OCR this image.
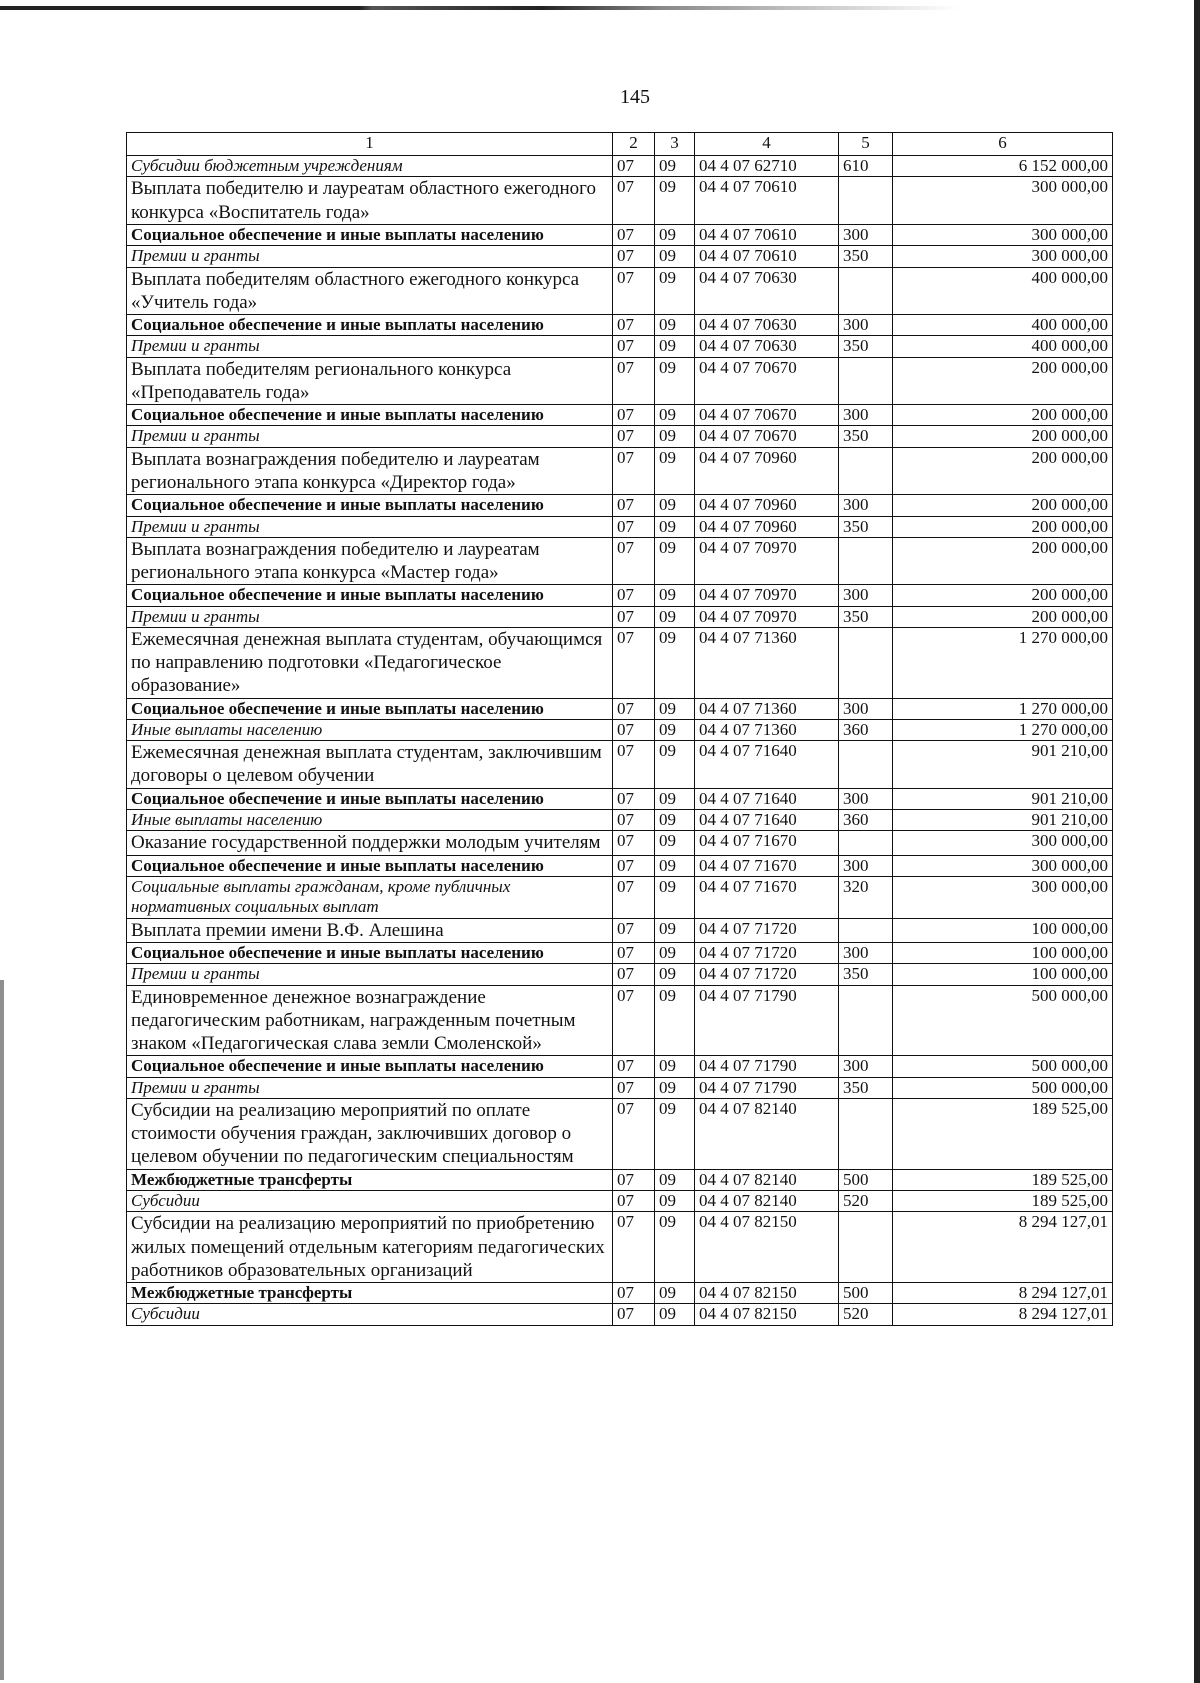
145
1	2	3	4	5	6
Субсидии бюджетным учреждениям	07	09	04 4 07 62710	610	6 152 000,00
Выплата победителю и лауреатам областного ежегодного конкурса «Воспитатель года»	07	09	04 4 07 70610		300 000,00
Социальное обеспечение и иные выплаты населению	07	09	04 4 07 70610	300	300 000,00
Премии и гранты	07	09	04 4 07 70610	350	300 000,00
Выплата победителям областного ежегодного конкурса «Учитель года»	07	09	04 4 07 70630		400 000,00
Социальное обеспечение и иные выплаты населению	07	09	04 4 07 70630	300	400 000,00
Премии и гранты	07	09	04 4 07 70630	350	400 000,00
Выплата победителям регионального конкурса «Преподаватель года»	07	09	04 4 07 70670		200 000,00
Социальное обеспечение и иные выплаты населению	07	09	04 4 07 70670	300	200 000,00
Премии и гранты	07	09	04 4 07 70670	350	200 000,00
Выплата вознаграждения победителю и лауреатам регионального этапа конкурса «Директор года»	07	09	04 4 07 70960		200 000,00
Социальное обеспечение и иные выплаты населению	07	09	04 4 07 70960	300	200 000,00
Премии и гранты	07	09	04 4 07 70960	350	200 000,00
Выплата вознаграждения победителю и лауреатам регионального этапа конкурса «Мастер года»	07	09	04 4 07 70970		200 000,00
Социальное обеспечение и иные выплаты населению	07	09	04 4 07 70970	300	200 000,00
Премии и гранты	07	09	04 4 07 70970	350	200 000,00
Ежемесячная денежная выплата студентам, обучающимся по направлению подготовки «Педагогическое образование»	07	09	04 4 07 71360		1 270 000,00
Социальное обеспечение и иные выплаты населению	07	09	04 4 07 71360	300	1 270 000,00
Иные выплаты населению	07	09	04 4 07 71360	360	1 270 000,00
Ежемесячная денежная выплата студентам, заключившим договоры о целевом обучении	07	09	04 4 07 71640		901 210,00
Социальное обеспечение и иные выплаты населению	07	09	04 4 07 71640	300	901 210,00
Иные выплаты населению	07	09	04 4 07 71640	360	901 210,00
Оказание государственной поддержки молодым учителям	07	09	04 4 07 71670		300 000,00
Социальное обеспечение и иные выплаты населению	07	09	04 4 07 71670	300	300 000,00
Социальные выплаты гражданам, кроме публичных нормативных социальных выплат	07	09	04 4 07 71670	320	300 000,00
Выплата премии имени В.Ф. Алешина	07	09	04 4 07 71720		100 000,00
Социальное обеспечение и иные выплаты населению	07	09	04 4 07 71720	300	100 000,00
Премии и гранты	07	09	04 4 07 71720	350	100 000,00
Единовременное денежное вознаграждение педагогическим работникам, награжденным почетным знаком «Педагогическая слава земли Смоленской»	07	09	04 4 07 71790		500 000,00
Социальное обеспечение и иные выплаты населению	07	09	04 4 07 71790	300	500 000,00
Премии и гранты	07	09	04 4 07 71790	350	500 000,00
Субсидии на реализацию мероприятий по оплате стоимости обучения граждан, заключивших договор о целевом обучении по педагогическим специальностям	07	09	04 4 07 82140		189 525,00
Межбюджетные трансферты	07	09	04 4 07 82140	500	189 525,00
Субсидии	07	09	04 4 07 82140	520	189 525,00
Субсидии на реализацию мероприятий по приобретению жилых помещений отдельным категориям педагогических работников образовательных организаций	07	09	04 4 07 82150		8 294 127,01
Межбюджетные трансферты	07	09	04 4 07 82150	500	8 294 127,01
Субсидии	07	09	04 4 07 82150	520	8 294 127,01
